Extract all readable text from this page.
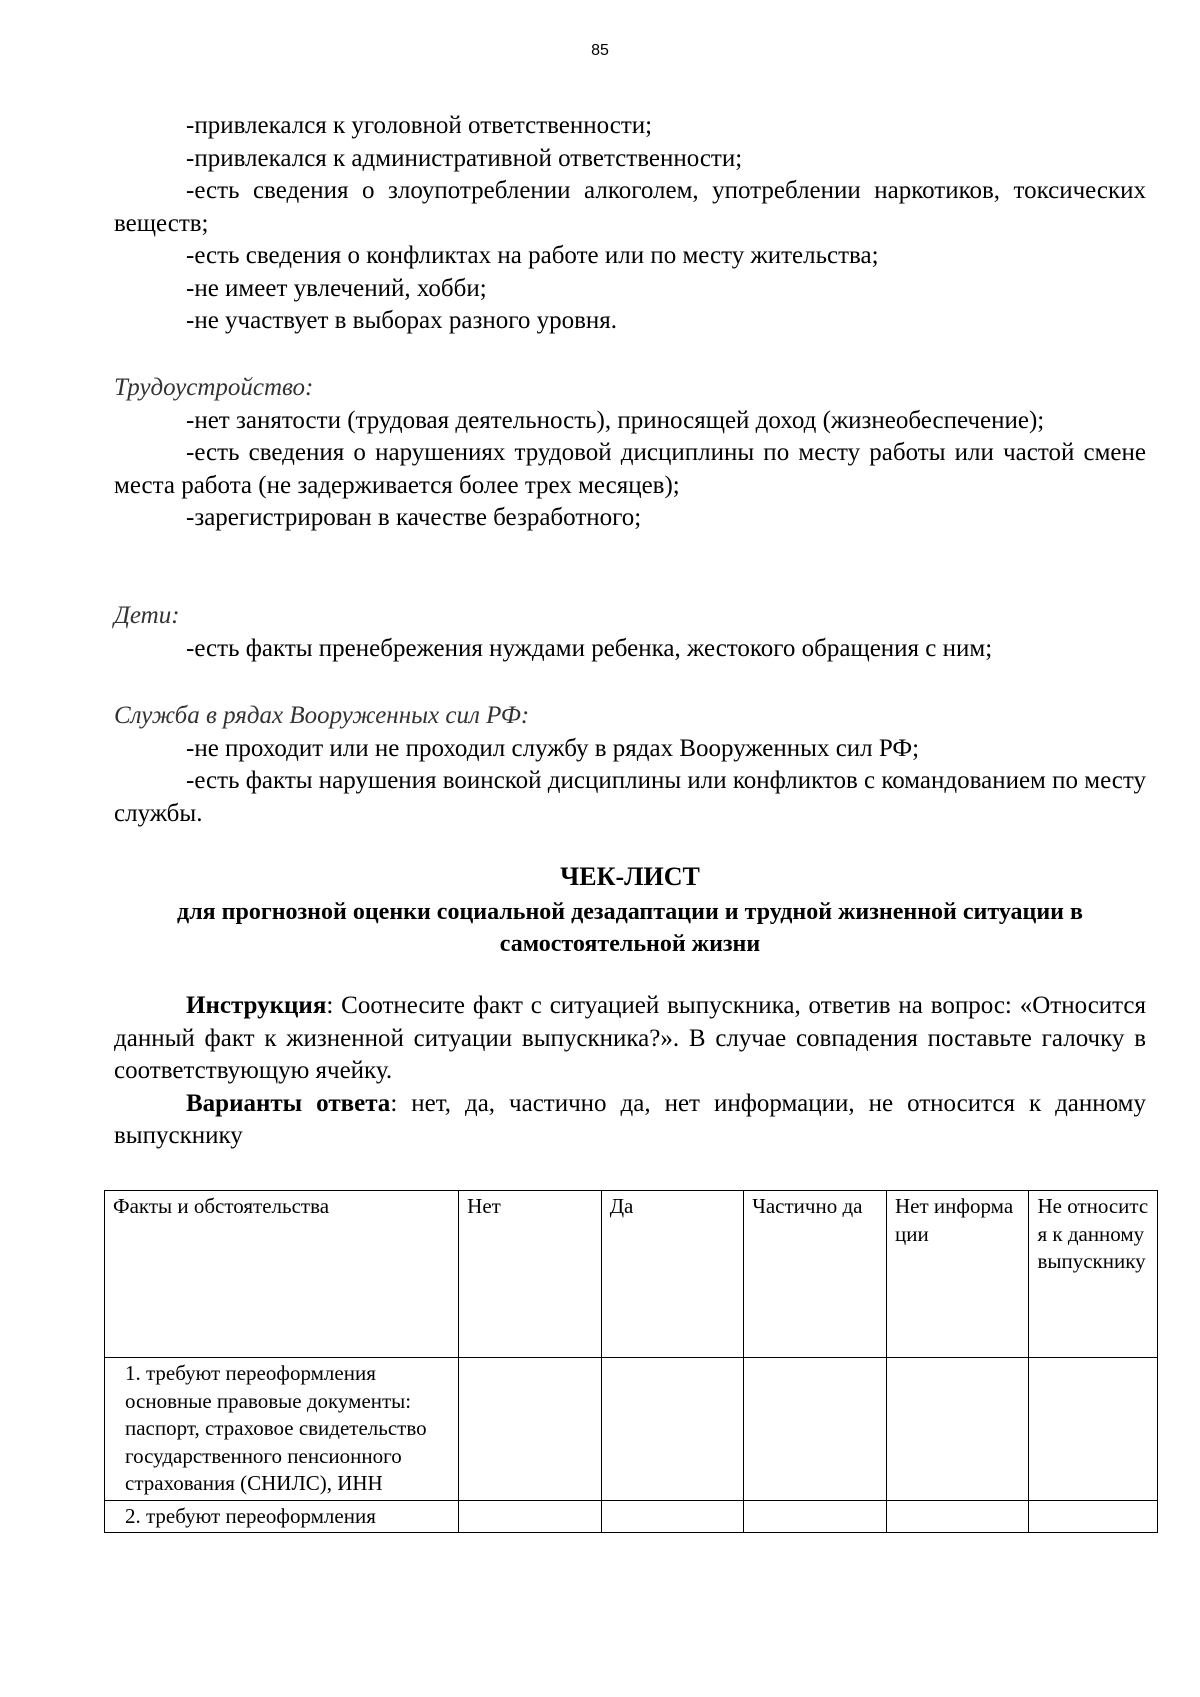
85

-привлекался к уголовной ответственности;

-привлекался к административной ответственности;

-есть сведения о злоупотреблении алкоголем, употреблении наркотиков, токсических веществ;

-есть сведения о конфликтах на работе или по месту жительства;

-не имеет увлечений, хобби;

-не участвует в выборах разного уровня.

Трудоустройство:

-нет занятости (трудовая деятельность), приносящей доход (жизнеобеспечение);

-есть сведения о нарушениях трудовой дисциплины по месту работы или частой смене места работа (не задерживается более трех месяцев);

-зарегистрирован в качестве безработного;

Дети:

-есть факты пренебрежения нуждами ребенка, жестокого обращения с ним;

Служба в рядах Вооруженных сил РФ:

-не проходит или не проходил службу в рядах Вооруженных сил РФ;

-есть факты нарушения воинской дисциплины или конфликтов с командованием по месту службы.

ЧЕК-ЛИСТ
для прогнозной оценки социальной дезадаптации и трудной жизненной ситуации в самостоятельной жизни

Инструкция: Соотнесите факт с ситуацией выпускника, ответив на вопрос: «Относится данный факт к жизненной ситуации выпускника?». В случае совпадения поставьте галочку в соответствующую ячейку.

Варианты ответа: нет, да, частично да, нет информации, не относится к данному выпускнику

Факты и обстоятельства	Нет	Да	Частично да	Нет информации	Не относится к данному выпускнику
1. требуют переоформления основные правовые документы: паспорт, страховое свидетельство государственного пенсионного страхования (СНИЛС), ИНН					
2. требуют переоформления					
